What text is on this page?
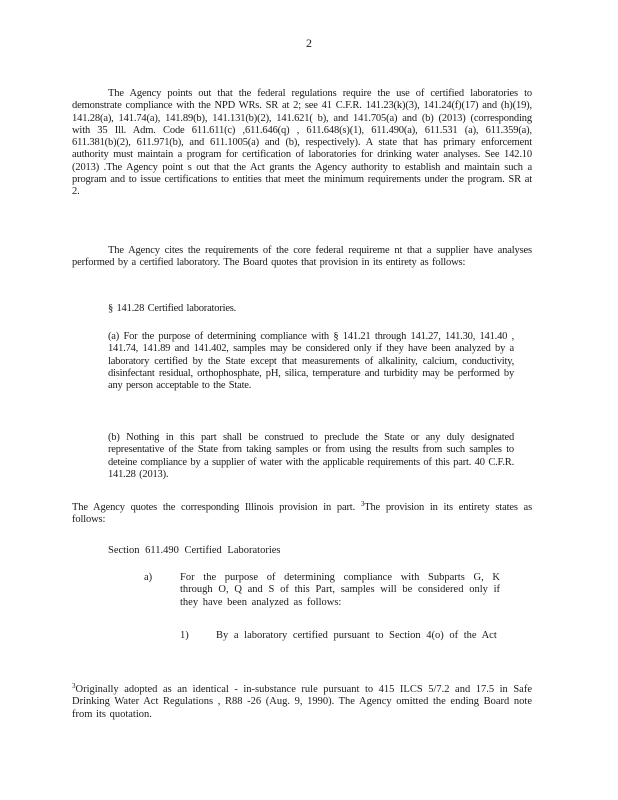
2

The Agency points out that the federal regulations require the use of certified laboratories to demonstrate compliance with the NPD WRs. SR at 2; see 41 C.F.R. 141.23(k)(3), 141.24(f)(17) and (h)(19), 141.28(a), 141.74(a), 141.89(b), 141.131(b)(2), 141.621( b), and 141.705(a) and (b) (2013) (corresponding with 35 Ill. Adm. Code 611.611(c) ,611.646(q) , 611.648(s)(1), 611.490(a), 611.531 (a), 611.359(a), 611.381(b)(2), 611.971(b), and 611.1005(a) and (b), respectively). A state that has primary enforcement authority must maintain a program for certification of laboratories for drinking water analyses. See 142.10 (2013) .The Agency point s out that the Act grants the Agency authority to establish and maintain such a program and to issue certifications to entities that meet the minimum requirements under the program. SR at 2.

The Agency cites the requirements of the core federal requireme nt that a supplier have analyses performed by a certified laboratory. The Board quotes that provision in its entirety as follows:

§ 141.28 Certified laboratories.

(a) For the purpose of determining compliance with § 141.21 through 141.27, 141.30, 141.40 , 141.74, 141.89 and 141.402, samples may be considered only if they have been analyzed by a laboratory certified by the State except that measurements of alkalinity, calcium, conductivity, disinfectant residual, orthophosphate, pH, silica, temperature and turbidity may be performed by any person acceptable to the State.

(b) Nothing in this part shall be construed to preclude the State or any duly designated representative of the State from taking samples or from using the results from such samples to deteine compliance by a supplier of water with the applicable requirements of this part. 40 C.F.R. 141.28 (2013).

The Agency quotes the corresponding Illinois provision in part. $^3$The provision in its entirety states as follows:

Section 611.490 Certified Laboratories

a)	For the purpose of determining compliance with Subparts G, K through O, Q and S of this Part, samples will be considered only if they have been analyzed as follows:
1)	By a laboratory certified pursuant to Section 4(o) of the Act

$^3$Originally adopted as an identical - in-substance rule pursuant to 415 ILCS 5/7.2 and 17.5 in Safe Drinking Water Act Regulations , R88 -26 (Aug. 9, 1990). The Agency omitted the ending Board note from its quotation.
